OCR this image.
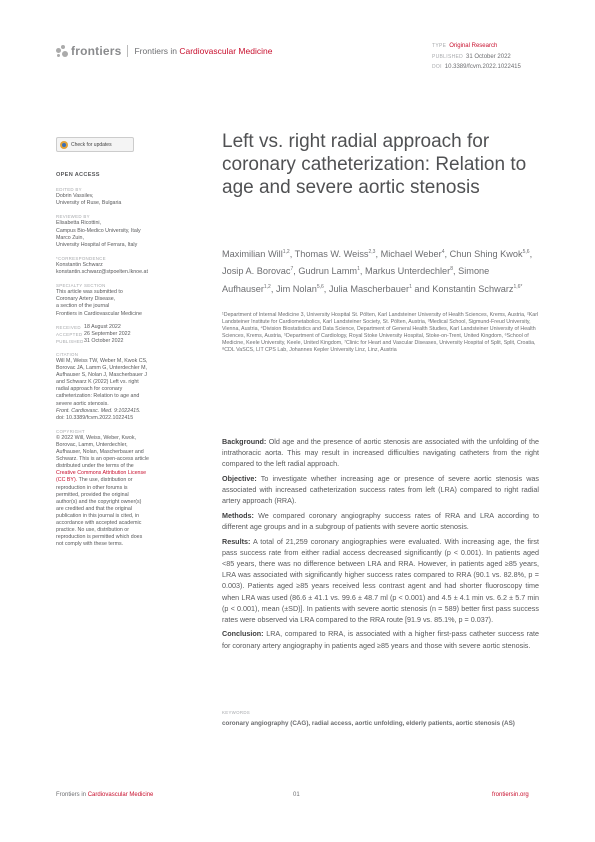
frontiers Frontiers in Cardiovascular Medicine	TYPE Original Research
PUBLISHED 31 October 2022
DOI 10.3389/fcvm.2022.1022415
Check for updates
OPEN ACCESS
EDITED BY

Dobrin Vassilev,

University of Ruse, Bulgaria

REVIEWED BY

Elisabetta Ricottini,

Campus Bio-Medico University, Italy

Marco Zuin,

University Hospital of Ferrara, Italy

*CORRESPONDENCE

Konstantin Schwarz

konstantin.schwarz@stpoelten.lknoe.at

SPECIALTY SECTION

This article was submitted to

Coronary Artery Disease,

a section of the journal

Frontiers in Cardiovascular Medicine

RECEIVED 18 August 2022
ACCEPTED 26 September 2022
PUBLISHED 31 October 2022
CITATION

Will M, Weiss TW, Weber M, Kwok CS,

Borovac JA, Lamm G, Unterdechler M,

Aufhauser S, Nolan J, Mascherbauer J

and Schwarz K (2022) Left vs. right

radial approach for coronary

catheterization: Relation to age and

severe aortic stenosis.

Front. Cardiovasc. Med. 9:1022415.

doi: 10.3389/fcvm.2022.1022415

COPYRIGHT

© 2022 Will, Weiss, Weber, Kwok,

Borovac, Lamm, Unterdechler,

Aufhauser, Nolan, Mascherbauer and

Schwarz. This is an open-access article

distributed under the terms of the

Creative Commons Attribution License

(CC BY). The use, distribution or

reproduction in other forums is

permitted, provided the original

author(s) and the copyright owner(s)

are credited and that the original

publication in this journal is cited, in

accordance with accepted academic

practice. No use, distribution or

reproduction is permitted which does

not comply with these terms.

Left vs. right radial approach for coronary catheterization: Relation to age and severe aortic stenosis
Maximilian Will$^{1,2}$, Thomas W. Weiss$^{2,3}$, Michael Weber$^4$, Chun Shing Kwok$^{5,6}$, Josip A. Borovac$^7$, Gudrun Lamm$^1$, Markus Unterdechler$^8$, Simone Aufhauser$^{1,2}$, Jim Nolan$^{5,6}$, Julia Mascherbauer$^1$ and Konstantin Schwarz$^{1,6*}$
¹Department of Internal Medicine 3, University Hospital St. Pölten, Karl Landsteiner University of Health Sciences, Krems, Austria, ²Karl Landsteiner Institute for Cardiometabolics, Karl Landsteiner Society, St. Pölten, Austria, ³Medical School, Sigmund-Freud University, Vienna, Austria, ⁴Division Biostatistics and Data Science, Department of General Health Studies, Karl Landsteiner University of Health Sciences, Krems, Austria, ⁵Department of Cardiology, Royal Stoke University Hospital, Stoke-on-Trent, United Kingdom, ⁶School of Medicine, Keele University, Keele, United Kingdom, ⁷Clinic for Heart and Vascular Diseases, University Hospital of Split, Split, Croatia, ⁸CDL VaSCS, LIT CPS Lab, Johannes Kepler University Linz, Linz, Austria

Background: Old age and the presence of aortic stenosis are associated with the unfolding of the intrathoracic aorta. This may result in increased difficulties navigating catheters from the right compared to the left radial approach.

Objective: To investigate whether increasing age or presence of severe aortic stenosis was associated with increased catheterization success rates from left (LRA) compared to right radial artery approach (RRA).

Methods: We compared coronary angiography success rates of RRA and LRA according to different age groups and in a subgroup of patients with severe aortic stenosis.

Results: A total of 21,259 coronary angiographies were evaluated. With increasing age, the first pass success rate from either radial access decreased significantly (p < 0.001). In patients aged <85 years, there was no difference between LRA and RRA. However, in patients aged ≥85 years, LRA was associated with significantly higher success rates compared to RRA (90.1 vs. 82.8%, p = 0.003). Patients aged ≥85 years received less contrast agent and had shorter fluoroscopy time when LRA was used (86.6 ± 41.1 vs. 99.6 ± 48.7 ml (p < 0.001) and 4.5 ± 4.1 min vs. 6.2 ± 5.7 min (p < 0.001), mean (±SD)]. In patients with severe aortic stenosis (n = 589) better first pass success rates were observed via LRA compared to the RRA route [91.9 vs. 85.1%, p = 0.037).

Conclusion: LRA, compared to RRA, is associated with a higher first-pass catheter success rate for coronary artery angiography in patients aged ≥85 years and those with severe aortic stenosis.

KEYWORDS
coronary angiography (CAG), radial access, aortic unfolding, elderly patients, aortic stenosis (AS)
Frontiers in Cardiovascular Medicine	01	frontiersin.org
